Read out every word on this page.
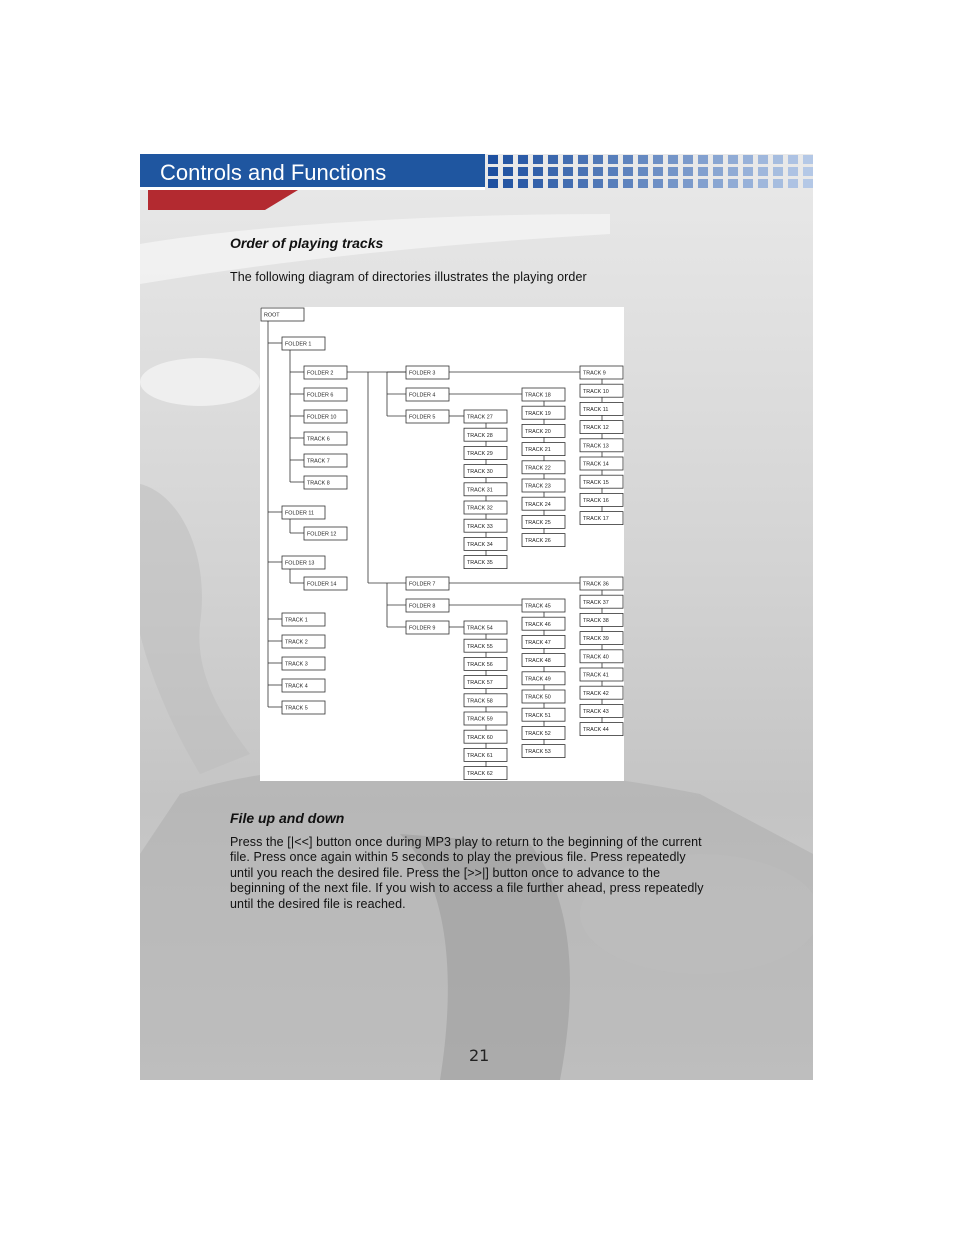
Controls and Functions
Order of playing tracks
The following diagram of directories illustrates the playing order
ROOT
FOLDER 1
FOLDER 11
FOLDER 13
TRACK 1
TRACK 2
TRACK 3
TRACK 4
TRACK 5
FOLDER 2
FOLDER 6
FOLDER 10
TRACK 6
TRACK 7
TRACK 8
FOLDER 12
FOLDER 14
FOLDER 3
FOLDER 4
FOLDER 5
FOLDER 7
FOLDER 8
FOLDER 9
TRACK 9
TRACK 10
TRACK 11
TRACK 12
TRACK 13
TRACK 14
TRACK 15
TRACK 16
TRACK 17
TRACK 36
TRACK 37
TRACK 38
TRACK 39
TRACK 40
TRACK 41
TRACK 42
TRACK 43
TRACK 44
TRACK 18
TRACK 19
TRACK 20
TRACK 21
TRACK 22
TRACK 23
TRACK 24
TRACK 25
TRACK 26
TRACK 45
TRACK 46
TRACK 47
TRACK 48
TRACK 49
TRACK 50
TRACK 51
TRACK 52
TRACK 53
TRACK 27
TRACK 28
TRACK 29
TRACK 30
TRACK 31
TRACK 32
TRACK 33
TRACK 34
TRACK 35
TRACK 54
TRACK 55
TRACK 56
TRACK 57
TRACK 58
TRACK 59
TRACK 60
TRACK 61
TRACK 62
File up and down
Press the [|<<] button once during MP3 play to return to the beginning of the current
file. Press once again within 5 seconds to play the previous file. Press repeatedly
until you reach the desired file. Press the [>>|] button once to advance to the
beginning of the next file. If you wish to access a file further ahead, press repeatedly
until the desired file is reached.
21
